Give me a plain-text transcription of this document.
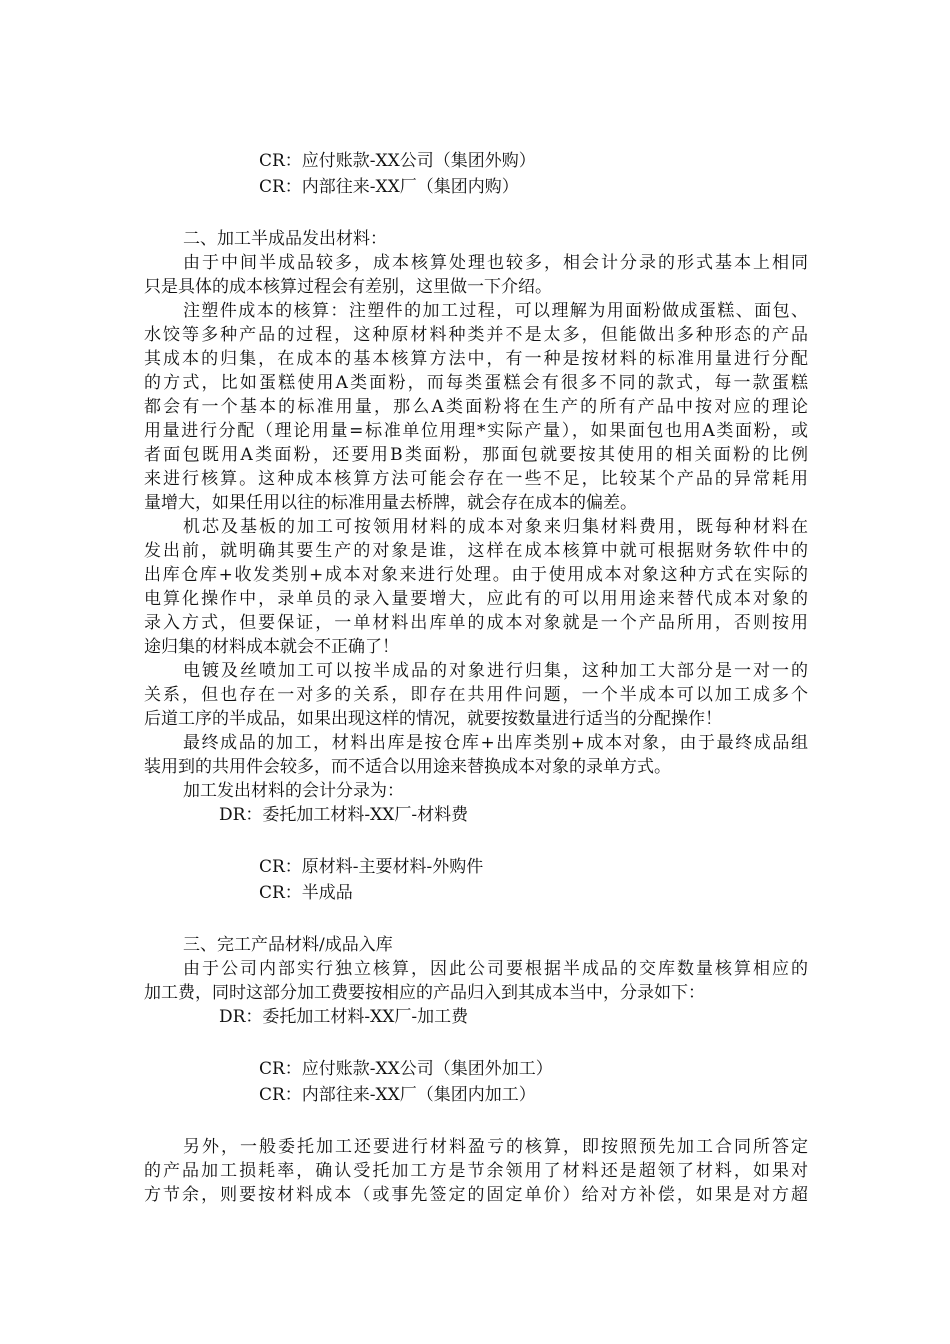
CR：应付账款-XX公司（集团外购）
CR：内部往来-XX厂（集团内购）
二、加工半成品发出材料：
由于中间半成品较多，成本核算处理也较多，相会计分录的形式基本上相同
只是具体的成本核算过程会有差别，这里做一下介绍。
注塑件成本的核算：注塑件的加工过程，可以理解为用面粉做成蛋糕、面包、
水饺等多种产品的过程，这种原材料种类并不是太多，但能做出多种形态的产品
其成本的归集，在成本的基本核算方法中，有一种是按材料的标准用量进行分配
的方式，比如蛋糕使用A类面粉，而每类蛋糕会有很多不同的款式，每一款蛋糕
都会有一个基本的标准用量，那么A类面粉将在生产的所有产品中按对应的理论
用量进行分配（理论用量=标准单位用理*实际产量），如果面包也用A类面粉，或
者面包既用A类面粉，还要用B类面粉，那面包就要按其使用的相关面粉的比例
来进行核算。这种成本核算方法可能会存在一些不足，比较某个产品的异常耗用
量增大，如果任用以往的标准用量去桥牌，就会存在成本的偏差。
机芯及基板的加工可按领用材料的成本对象来归集材料费用，既每种材料在
发出前，就明确其要生产的对象是谁，这样在成本核算中就可根据财务软件中的
出库仓库+收发类别+成本对象来进行处理。由于使用成本对象这种方式在实际的
电算化操作中，录单员的录入量要增大，应此有的可以用用途来替代成本对象的
录入方式，但要保证，一单材料出库单的成本对象就是一个产品所用，否则按用
途归集的材料成本就会不正确了！
电镀及丝喷加工可以按半成品的对象进行归集，这种加工大部分是一对一的
关系，但也存在一对多的关系，即存在共用件问题，一个半成本可以加工成多个
后道工序的半成品，如果出现这样的情况，就要按数量进行适当的分配操作！
最终成品的加工，材料出库是按仓库+出库类别+成本对象，由于最终成品组
装用到的共用件会较多，而不适合以用途来替换成本对象的录单方式。
加工发出材料的会计分录为：
DR：委托加工材料-XX厂-材料费
CR：原材料-主要材料-外购件
CR：半成品
三、完工产品材料/成品入库
由于公司内部实行独立核算，因此公司要根据半成品的交库数量核算相应的
加工费，同时这部分加工费要按相应的产品归入到其成本当中，分录如下：
DR：委托加工材料-XX厂-加工费
CR：应付账款-XX公司（集团外加工）
CR：内部往来-XX厂（集团内加工）
另外，一般委托加工还要进行材料盈亏的核算，即按照预先加工合同所答定
的产品加工损耗率，确认受托加工方是节余领用了材料还是超领了材料，如果对
方节余，则要按材料成本（或事先签定的固定单价）给对方补偿，如果是对方超
